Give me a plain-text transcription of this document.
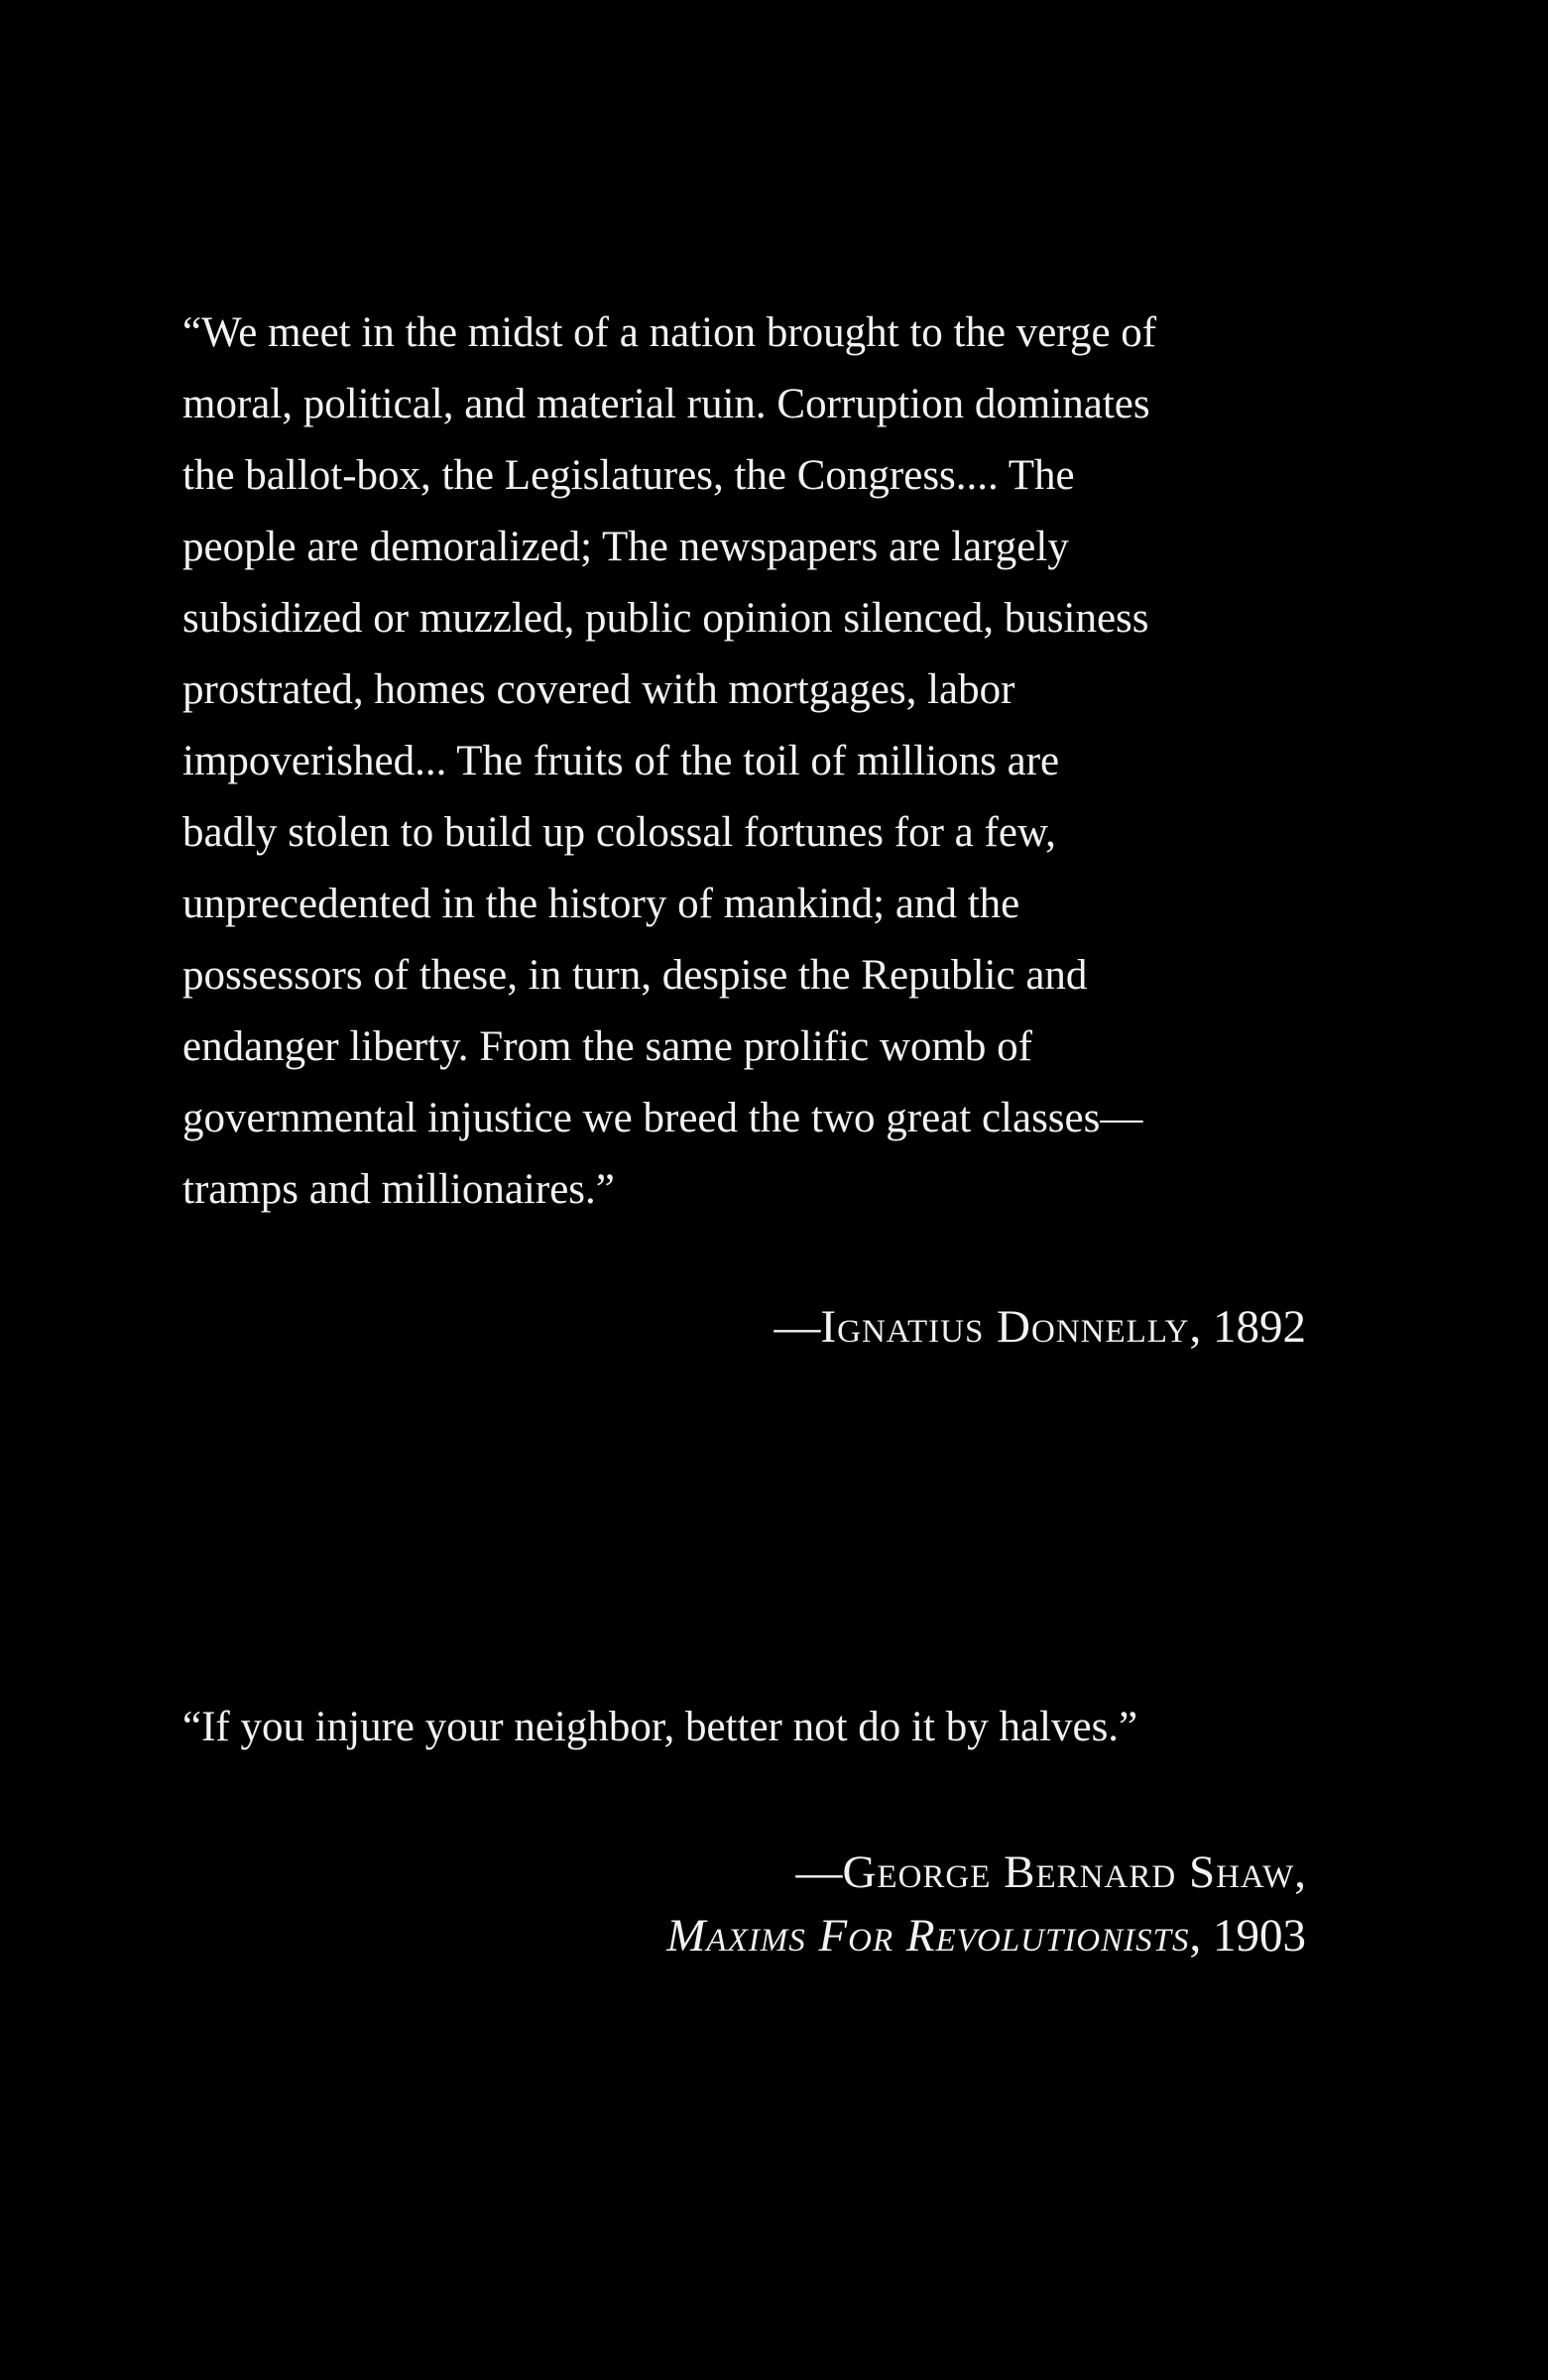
“We meet in the midst of a nation brought to the verge of
moral, political, and material ruin. Corruption dominates
the ballot-box, the Legislatures, the Congress.... The
people are demoralized; The newspapers are largely
subsidized or muzzled, public opinion silenced, business
prostrated, homes covered with mortgages, labor
impoverished... The fruits of the toil of millions are
badly stolen to build up colossal fortunes for a few,
unprecedented in the history of mankind; and the
possessors of these, in turn, despise the Republic and
endanger liberty. From the same prolific womb of
governmental injustice we breed the two great classes—
tramps and millionaires.”
—Ignatius Donnelly, 1892
“If you injure your neighbor, better not do it by halves.”
—George Bernard Shaw,
Maxims For Revolutionists, 1903
